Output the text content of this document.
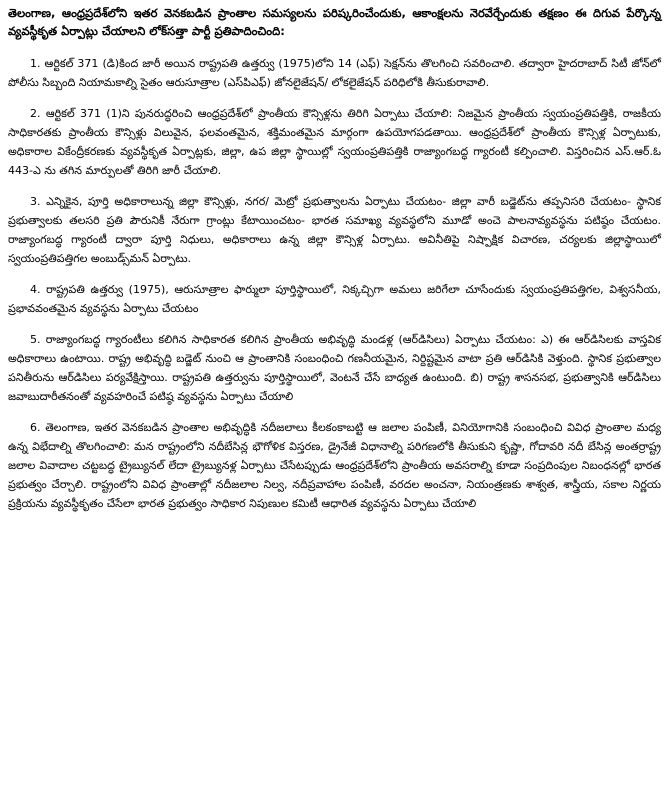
తెలంగాణ, ఆంధ్రప్రదేశ్‌లోని ఇతర వెనకబడిన ప్రాంతాల సమస్యలను పరిష్కరించేందుకు, ఆకాంక్షలను నెరవేర్చేందుకు తక్షణం ఈ దిగువ పేర్కొన్న వ్యవస్థీకృత ఏర్పాట్లు చేయాలని లోక్‌సత్తా పార్టీ ప్రతిపాదించింది:

1. ఆర్టికల్ 371 (డి)కింద జారీ అయిన రాష్ట్రపతి ఉత్తర్వు (1975)లోని 14 (ఎఫ్) సెక్షన్‌ను తొలగించి సవరించాలి. తద్వారా హైదరాబాద్ సిటీ జోన్‌లో పోలీసు సిబ్బంది నియామకాల్ని సైతం ఆరుసూత్రాల (ఎస్‌పిఎఫ్) జోనలైజేషన్/ లోకలైజేషన్ పరిధిలోకి తీసుకురావాలి.

2. ఆర్టికల్ 371 (1)ని పునరుద్ధరించి ఆంధ్రప్రదేశ్‌లో ప్రాంతీయ కౌన్సిళ్లను తిరిగి ఏర్పాటు చేయాలి: నిజమైన ప్రాంతీయ స్వయంప్రతిపత్తికి, రాజకీయ సాధికారతకు ప్రాంతీయ కౌన్సిళ్లు విలువైన, ఫలవంతమైన, శక్తిమంతమైన మార్గంగా ఉపయోగపడతాయి. ఆంధ్రప్రదేశ్‌లో ప్రాంతీయ కౌన్సిళ్ల ఏర్పాటుకు, అధికారాల వికేంద్రీకరణకు వ్యవస్థీకృత ఏర్పాట్లకు, జిల్లా, ఉప జిల్లా స్థాయిల్లో స్వయంప్రతిపత్తికి రాజ్యాంగబద్ధ గ్యారంటీ కల్పించాలి. విస్తరించిన ఎస్.ఆర్.ఓ 443-ఎ ను తగిన మార్పులతో తిరిగి జారీ చేయాలి.

3. ఎన్నికైన, పూర్తి అధికారాలున్న జిల్లా కౌన్సిళ్లు, నగర/ మెట్రో ప్రభుత్వాలను ఏర్పాటు చేయటం- జిల్లా వారీ బడ్జెట్‌ను తప్పనిసరి చేయటం- స్థానిక ప్రభుత్వాలకు తలసరి ప్రతి పౌరునికీ నేరుగా గ్రాంట్లు కేటాయించటం- భారత సమాఖ్య వ్యవస్థలోని మూడో అంచె పాలనావ్యవస్థను పటిష్ఠం చేయటం. రాజ్యాంగబద్ధ గ్యారంటీ ద్వారా పూర్తి నిధులు, అధికారాలు ఉన్న జిల్లా కౌన్సిళ్ల ఏర్పాటు. అవినీతిపై నిష్పాక్షిక విచారణ, చర్యలకు జిల్లాస్థాయిలో స్వయంప్రతిపత్తిగల అంబుడ్స్‌మన్ ఏర్పాటు.

4. రాష్ట్రపతి ఉత్తర్వు (1975), ఆరుసూత్రాల ఫార్ములా పూర్తిస్థాయిలో, నిక్కచ్చిగా అమలు జరిగేలా చూసేందుకు స్వయంప్రతిపత్తిగల, విశ్వసనీయ, ప్రభావవంతమైన వ్యవస్థను ఏర్పాటు చేయటం

5. రాజ్యాంగబద్ధ గ్యారంటీలు కలిగిన సాధికారత కలిగిన ప్రాంతీయ అభివృద్ధి మండళ్ల (ఆర్‌డిసిలు) ఏర్పాటు చేయటం: ఎ) ఈ ఆర్‌డిసిలకు వాస్తవిక అధికారాలు ఉంటాయి. రాష్ట్ర అభివృద్ధి బడ్జెట్ నుంచి ఆ ప్రాంతానికి సంబంధించి గణనీయమైన, నిర్దిష్టమైన వాటా ప్రతి ఆర్‌డిసికి వెళ్తుంది. స్థానిక ప్రభుత్వాల పనితీరును ఆర్‌డిసిలు పర్యవేక్షిస్తాయి. రాష్ట్రపతి ఉత్తర్వును పూర్తిస్థాయిలో, వెంటనే చేసే బాధ్యత ఉంటుంది. బి) రాష్ట్ర శాసనసభ, ప్రభుత్వానికి ఆర్‌డిసిలు జవాబుదారీతనంతో వ్యవహరించే పటిష్ఠ వ్యవస్థను ఏర్పాటు చేయాలి

6. తెలంగాణ, ఇతర వెనకబడిన ప్రాంతాల అభివృద్ధికి నదీజలాలు కీలకంకాబట్టి ఆ జలాల పంపిణీ, వినియోగానికి సంబంధించి వివిధ ప్రాంతాల మధ్య ఉన్న విభేదాల్ని తొలగించాలి: మన రాష్ట్రంలోని నదీబేసిన్ల భౌగోళిక విస్తరణ, డ్రైనేజీ విధానాల్ని పరిగణలోకి తీసుకుని కృష్ణా, గోదావరి నదీ బేసిన్ల అంతర్రాష్ట్ర జలాల వివాదాల చట్టబద్ధ ట్రైబ్యునల్ లేదా ట్రైబ్యునళ్ల ఏర్పాటు చేసేటప్పుడు ఆంధ్రప్రదేశ్‌లోని ప్రాంతీయ అవసరాల్ని కూడా సంప్రదింపుల నిబంధనల్లో భారత ప్రభుత్వం చేర్చాలి. రాష్ట్రంలోని వివిధ ప్రాంతాల్లో నదీజలాల నిల్వ, నదీప్రవాహాల పంపిణీ, వరదల అంచనా, నియంత్రణకు శాశ్వత, శాస్త్రీయ, సకాల నిర్ణయ ప్రక్రియను వ్యవస్థీకృతం చేసేలా భారత ప్రభుత్వం సాధికార నిపుణుల కమిటీ ఆధారిత వ్యవస్థను ఏర్పాటు చేయాలి
